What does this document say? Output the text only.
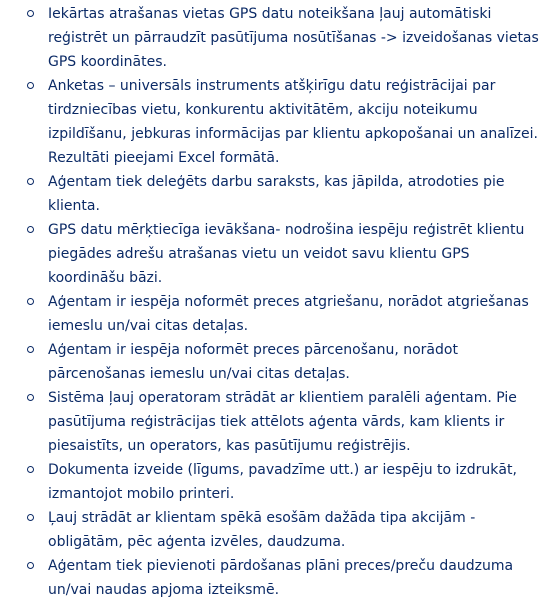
Iekārtas atrašanas vietas GPS datu noteikšana ļauj automātiski reģistrēt un pārraudzīt pasūtījuma nosūtīšanas -> izveidošanas vietas GPS koordinātes.
Anketas – universāls instruments atšķirīgu datu reģistrācijai par tirdzniecības vietu, konkurentu aktivitātēm, akciju noteikumu izpildīšanu, jebkuras informācijas par klientu apkopošanai un analīzei. Rezultāti pieejami Excel formātā.
Aģentam tiek deleģēts darbu saraksts, kas jāpilda, atrodoties pie klienta.
GPS datu mērķtiecīga ievākšana- nodrošina iespēju reģistrēt klientu piegādes adrešu atrašanas vietu un veidot savu klientu GPS koordināšu bāzi.
Aģentam ir iespēja noformēt preces atgriešanu, norādot atgriešanas iemeslu un/vai citas detaļas.
Aģentam ir iespēja noformēt preces pārcenošanu, norādot pārcenošanas iemeslu un/vai citas detaļas.
Sistēma ļauj operatoram strādāt ar klientiem paralēli aģentam. Pie pasūtījuma reģistrācijas tiek attēlots aģenta vārds, kam klients ir piesaistīts, un operators, kas pasūtījumu reģistrējis.
Dokumenta izveide (līgums, pavadzīme utt.) ar iespēju to izdrukāt, izmantojot mobilo printeri.
Ļauj strādāt ar klientam spēkā esošām dažāda tipa akcijām - obligātām, pēc aģenta izvēles, daudzuma.
Aģentam tiek pievienoti pārdošanas plāni preces/preču daudzuma un/vai naudas apjoma izteiksmē.
